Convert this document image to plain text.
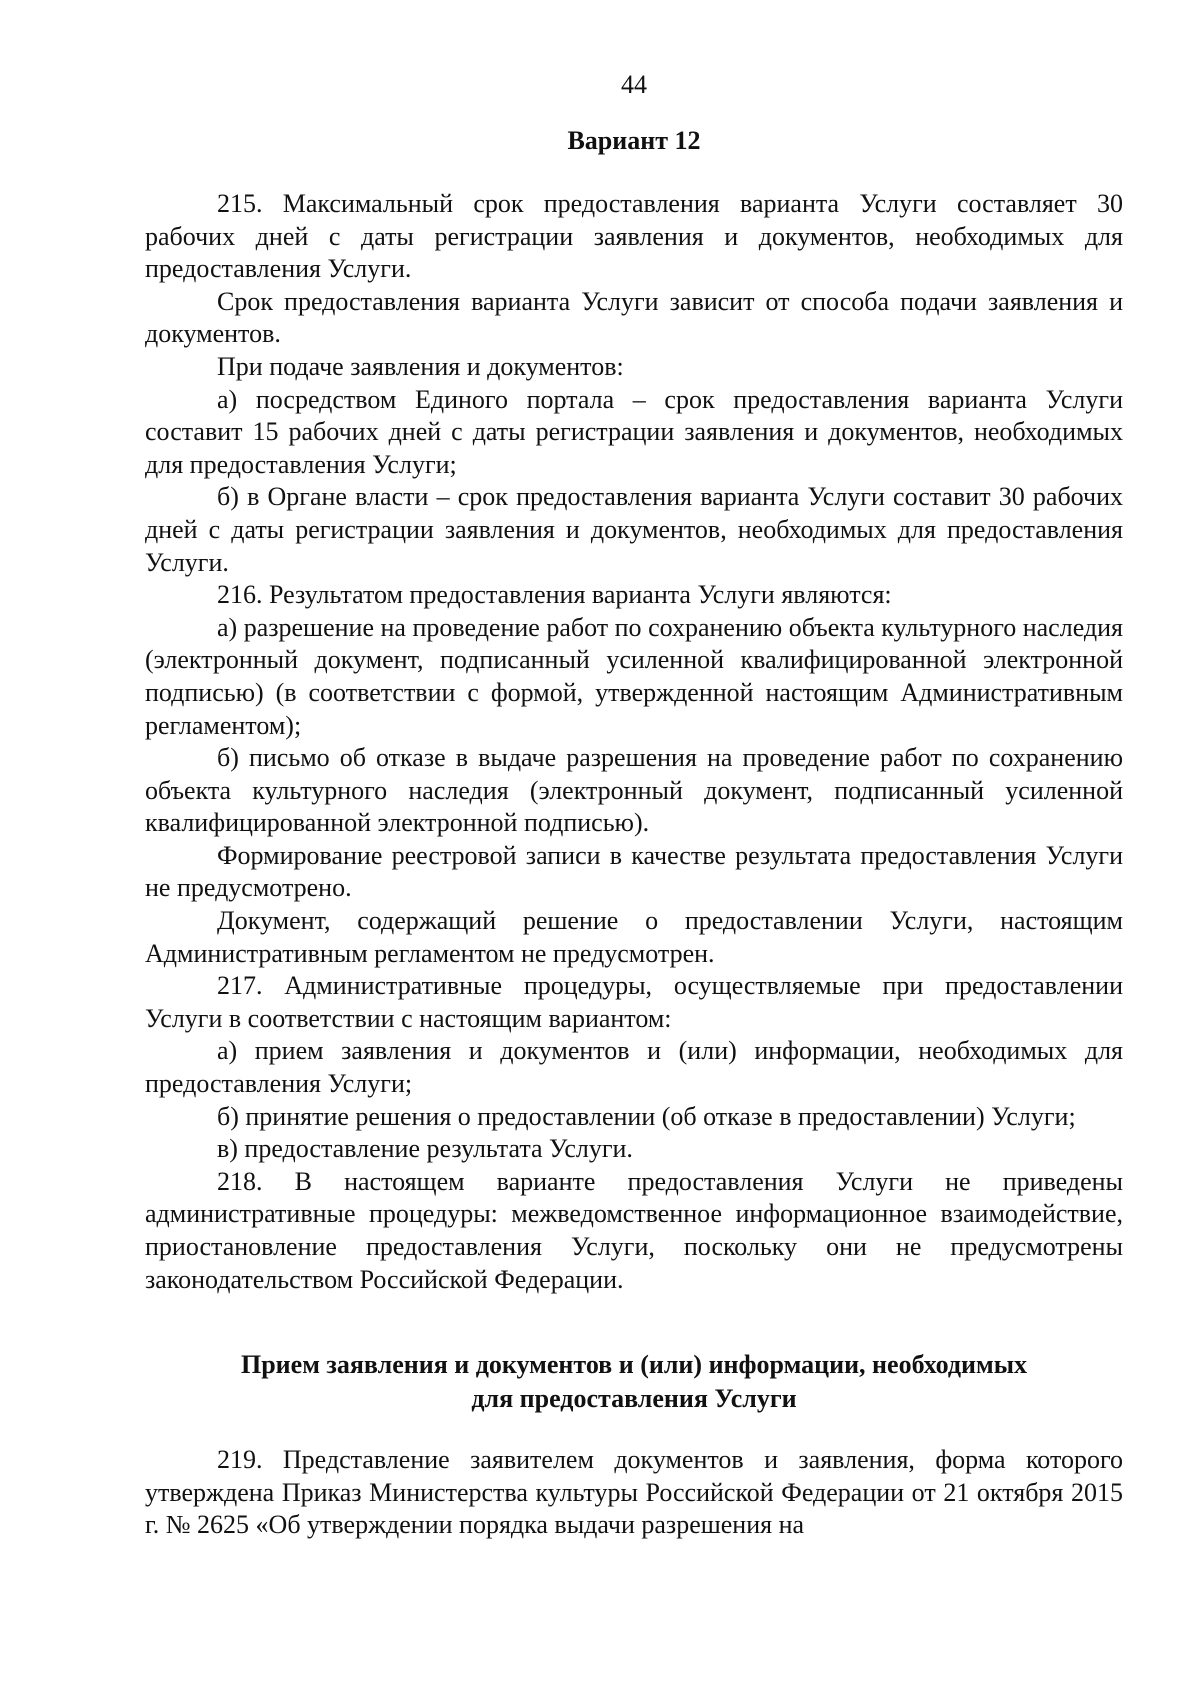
44
Вариант 12

215. Максимальный срок предоставления варианта Услуги составляет 30 рабочих дней с даты регистрации заявления и документов, необходимых для предоставления Услуги.

Срок предоставления варианта Услуги зависит от способа подачи заявления и документов.

При подаче заявления и документов:

а) посредством Единого портала – срок предоставления варианта Услуги составит 15 рабочих дней с даты регистрации заявления и документов, необходимых для предоставления Услуги;

б) в Органе власти – срок предоставления варианта Услуги составит 30 рабочих дней с даты регистрации заявления и документов, необходимых для предоставления Услуги.

216. Результатом предоставления варианта Услуги являются:

а) разрешение на проведение работ по сохранению объекта культурного наследия (электронный документ, подписанный усиленной квалифицированной электронной подписью) (в соответствии с формой, утвержденной настоящим Административным регламентом);

б) письмо об отказе в выдаче разрешения на проведение работ по сохранению объекта культурного наследия (электронный документ, подписанный усиленной квалифицированной электронной подписью).

Формирование реестровой записи в качестве результата предоставления Услуги не предусмотрено.

Документ, содержащий решение о предоставлении Услуги, настоящим Административным регламентом не предусмотрен.

217. Административные процедуры, осуществляемые при предоставлении Услуги в соответствии с настоящим вариантом:

а) прием заявления и документов и (или) информации, необходимых для предоставления Услуги;

б) принятие решения о предоставлении (об отказе в предоставлении) Услуги;

в) предоставление результата Услуги.

218. В настоящем варианте предоставления Услуги не приведены административные процедуры: межведомственное информационное взаимодействие, приостановление предоставления Услуги, поскольку они не предусмотрены законодательством Российской Федерации.

Прием заявления и документов и (или) информации, необходимых
для предоставления Услуги

219. Представление заявителем документов и заявления, форма которого утверждена Приказ Министерства культуры Российской Федерации от 21 октября 2015 г. № 2625 «Об утверждении порядка выдачи разрешения на
